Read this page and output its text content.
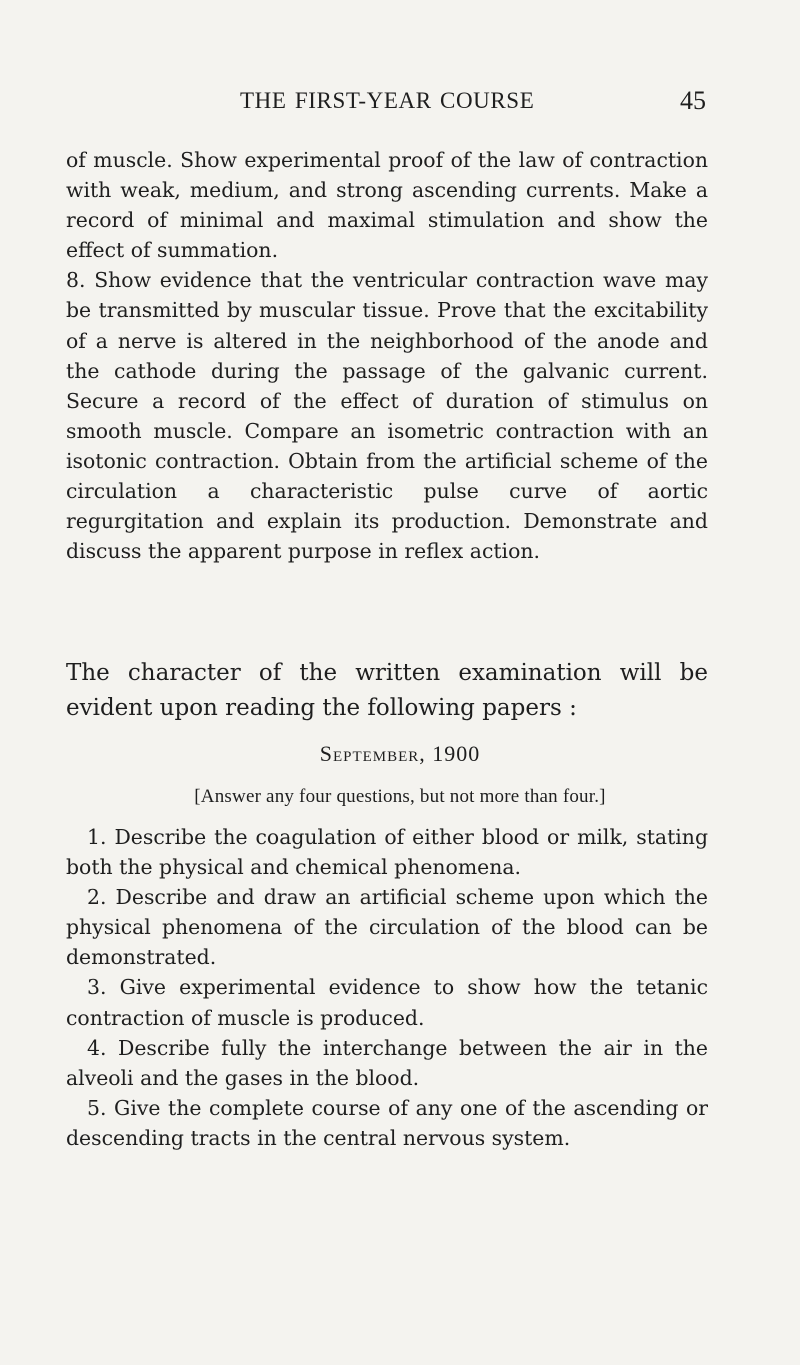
THE FIRST-YEAR COURSE	45

of muscle. Show experimental proof of the law of contraction with weak, medium, and strong ascending currents. Make a record of minimal and maximal stimulation and show the effect of summation.

8. Show evidence that the ventricular contraction wave may be transmitted by muscular tissue. Prove that the excitability of a nerve is altered in the neighborhood of the anode and the cathode during the passage of the galvanic current. Secure a record of the effect of duration of stimulus on smooth muscle. Compare an isometric contraction with an isotonic contraction. Obtain from the artificial scheme of the circulation a characteristic pulse curve of aortic regurgitation and explain its production. Demonstrate and discuss the apparent purpose in reflex action.

The character of the written examination will be evident upon reading the following papers :

September, 1900

[Answer any four questions, but not more than four.]

1. Describe the coagulation of either blood or milk, stating both the physical and chemical phenomena.

2. Describe and draw an artificial scheme upon which the physical phenomena of the circulation of the blood can be demonstrated.

3. Give experimental evidence to show how the tetanic contraction of muscle is produced.

4. Describe fully the interchange between the air in the alveoli and the gases in the blood.

5. Give the complete course of any one of the ascending or descending tracts in the central nervous system.
